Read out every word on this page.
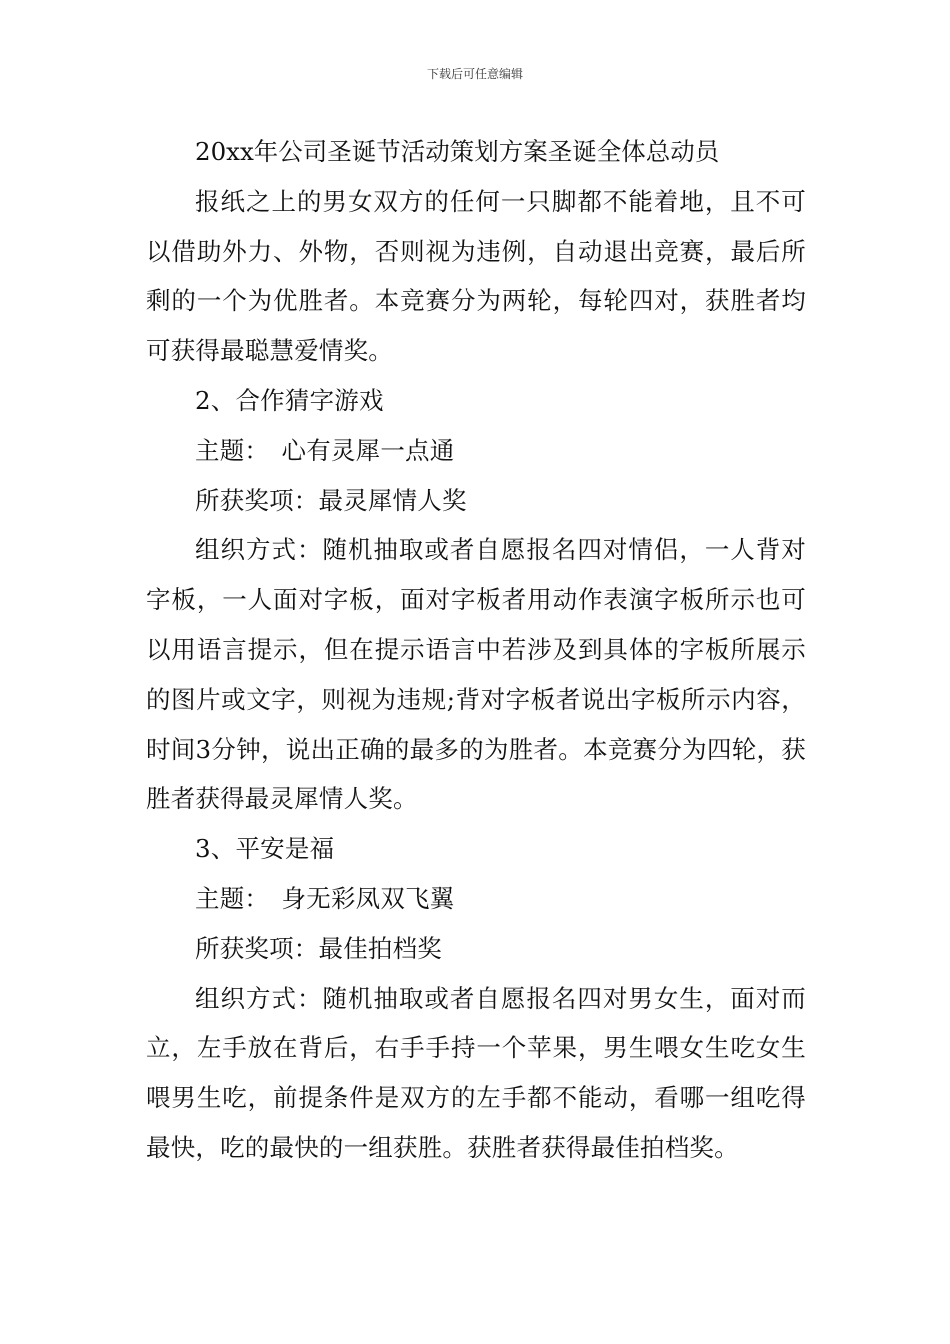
下载后可任意编辑

20xx年公司圣诞节活动策划方案圣诞全体总动员

报纸之上的男女双方的任何一只脚都不能着地，且不可以借助外力、外物，否则视为违例，自动退出竞赛，最后所剩的一个为优胜者。本竞赛分为两轮，每轮四对，获胜者均可获得最聪慧爱情奖。

2、合作猜字游戏

主题：　心有灵犀一点通

所获奖项：最灵犀情人奖

组织方式：随机抽取或者自愿报名四对情侣，一人背对字板，一人面对字板，面对字板者用动作表演字板所示也可以用语言提示，但在提示语言中若涉及到具体的字板所展示的图片或文字，则视为违规;背对字板者说出字板所示内容，时间3分钟，说出正确的最多的为胜者。本竞赛分为四轮，获胜者获得最灵犀情人奖。

3、平安是福

主题：　身无彩凤双飞翼

所获奖项：最佳拍档奖

组织方式：随机抽取或者自愿报名四对男女生，面对而立，左手放在背后，右手手持一个苹果，男生喂女生吃女生喂男生吃，前提条件是双方的左手都不能动，看哪一组吃得最快，吃的最快的一组获胜。获胜者获得最佳拍档奖。
